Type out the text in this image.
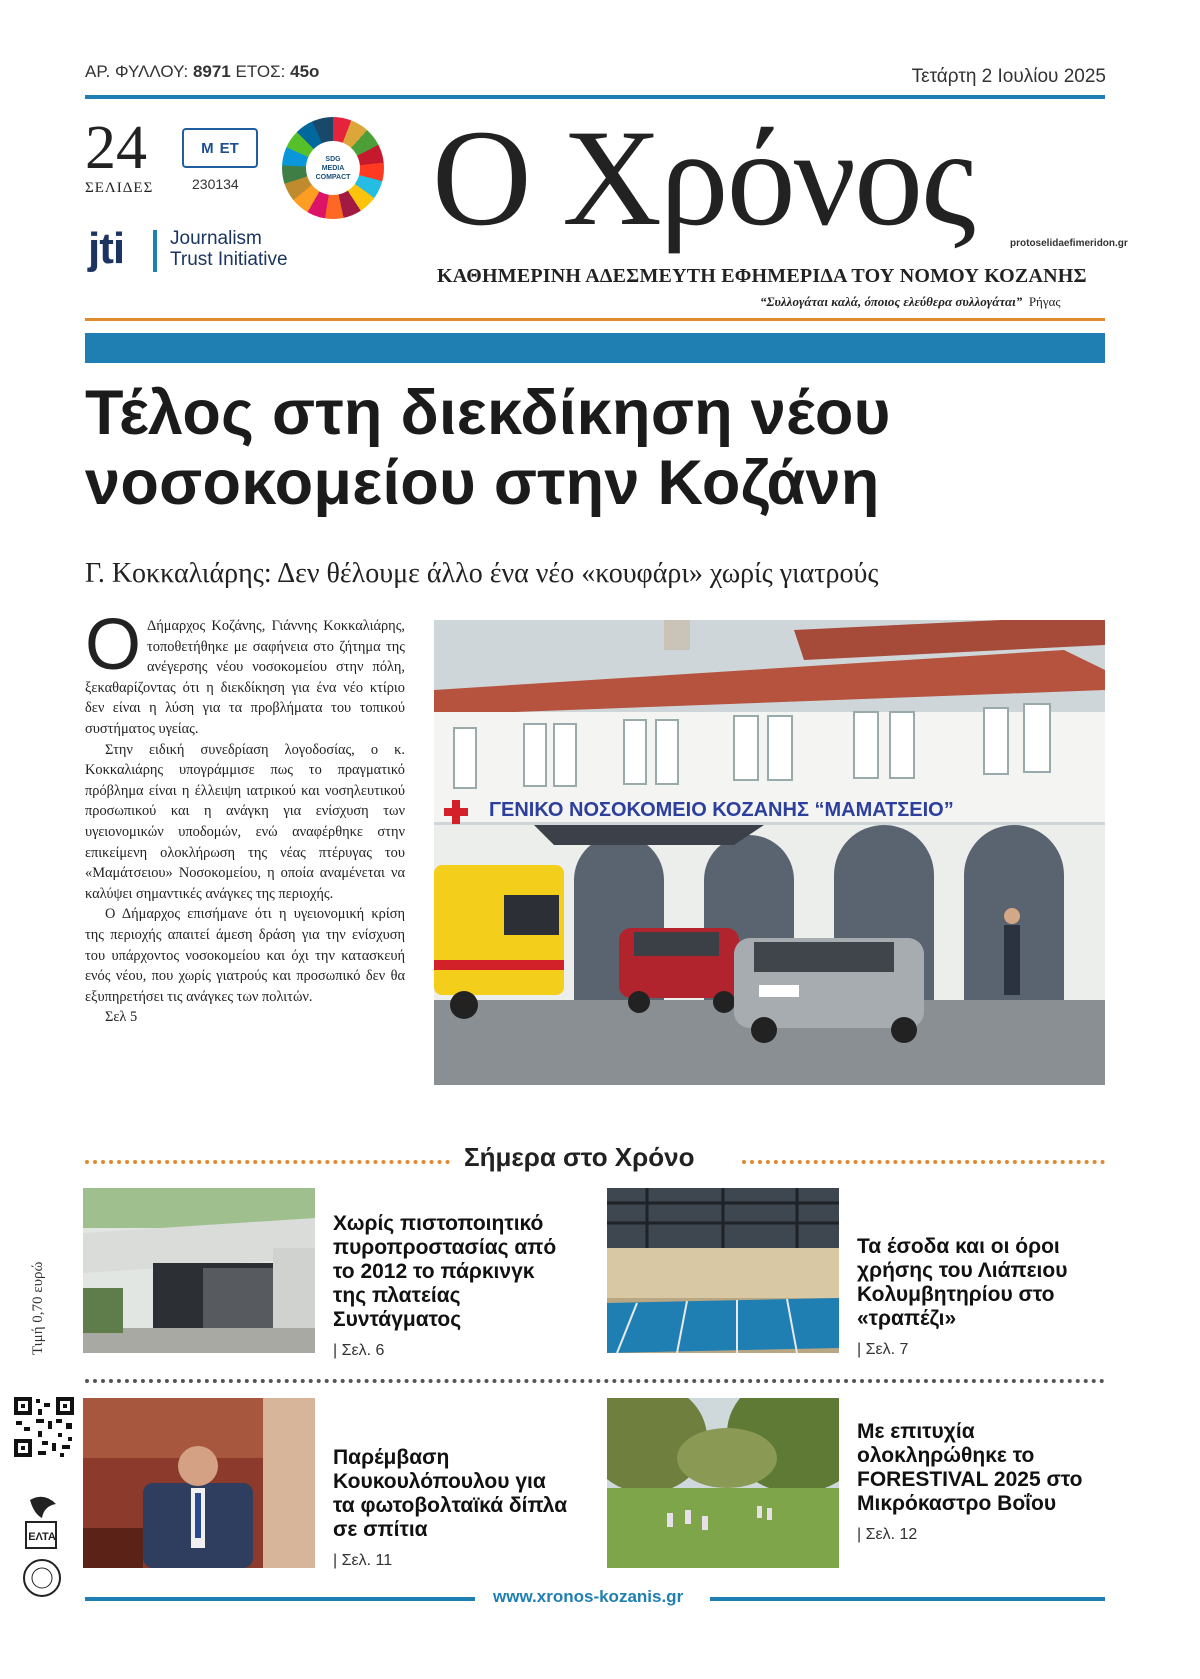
ΑΡ. ΦΥΛΛΟΥ: 8971 ΕΤΟΣ: 45ο	Τετάρτη 2 Ιουλίου 2025
24
ΣΕΛΙΔΕΣ
Μ ΕΤ
230134
SDG
MEDIA
COMPACT
jti Journalism
Trust Initiative
Ο Χρόνος	protoselidaefimeridon.gr
ΚΑΘΗΜΕΡΙΝΗ ΑΔΕΣΜΕΥΤΗ ΕΦΗΜΕΡΙΔΑ ΤΟΥ ΝΟΜΟΥ ΚΟΖΑΝΗΣ
“Συλλογάται καλά, όποιος ελεύθερα συλλογάται” Ρήγας
Τέλος στη διεκδίκηση νέου
νοσοκομείου στην Κοζάνη
Γ. Κοκκαλιάρης: Δεν θέλουμε άλλο ένα νέο «κουφάρι» χωρίς γιατρούς

Ο Δήμαρχος Κοζάνης, Γιάννης Κοκκαλιάρης, τοποθετήθηκε με σαφήνεια στο ζήτημα της ανέγερσης νέου νοσοκομείου στην πόλη, ξεκαθαρίζοντας ότι η διεκδίκηση για ένα νέο κτίριο δεν είναι η λύση για τα προβλήματα του τοπικού συστήματος υγείας.

Στην ειδική συνεδρίαση λογοδοσίας, ο κ. Κοκκαλιάρης υπογράμμισε πως το πραγματικό πρόβλημα είναι η έλλειψη ιατρικού και νοσηλευτικού προσωπικού και η ανάγκη για ενίσχυση των υγειονομικών υποδομών, ενώ αναφέρθηκε στην επικείμενη ολοκλήρωση της νέας πτέρυγας του «Μαμάτσειου» Νοσοκομείου, η οποία αναμένεται να καλύψει σημαντικές ανάγκες της περιοχής.

Ο Δήμαρχος επισήμανε ότι η υγειονομική κρίση της περιοχής απαιτεί άμεση δράση για την ενίσχυση του υπάρχοντος νοσοκομείου και όχι την κατασκευή ενός νέου, που χωρίς γιατρούς και προσωπικό δεν θα εξυπηρετήσει τις ανάγκες των πολιτών.

Σελ 5

ΓΕΝΙΚΟ ΝΟΣΟΚΟΜΕΙΟ ΚΟΖΑΝΗΣ “ΜΑΜΑΤΣΕΙΟ”
Σήμερα στο Χρόνο
Χωρίς πιστοποιητικό πυροπροστασίας από το 2012 το πάρκινγκ της πλατείας Συντάγματος
| Σελ. 6
Τα έσοδα και οι όροι χρήσης του Λιάπειου Κολυμβητηρίου στο «τραπέζι»
| Σελ. 7
Παρέμβαση Κουκουλόπουλου για τα φωτοβολταϊκά δίπλα σε σπίτια
| Σελ. 11
Με επιτυχία ολοκληρώθηκε το FORESTIVAL 2025 στο Μικρόκαστρο Βοΐου
| Σελ. 12
Τιμή 0,70 ευρώ
ΕΛΤΑ
www.xronos-kozanis.gr
